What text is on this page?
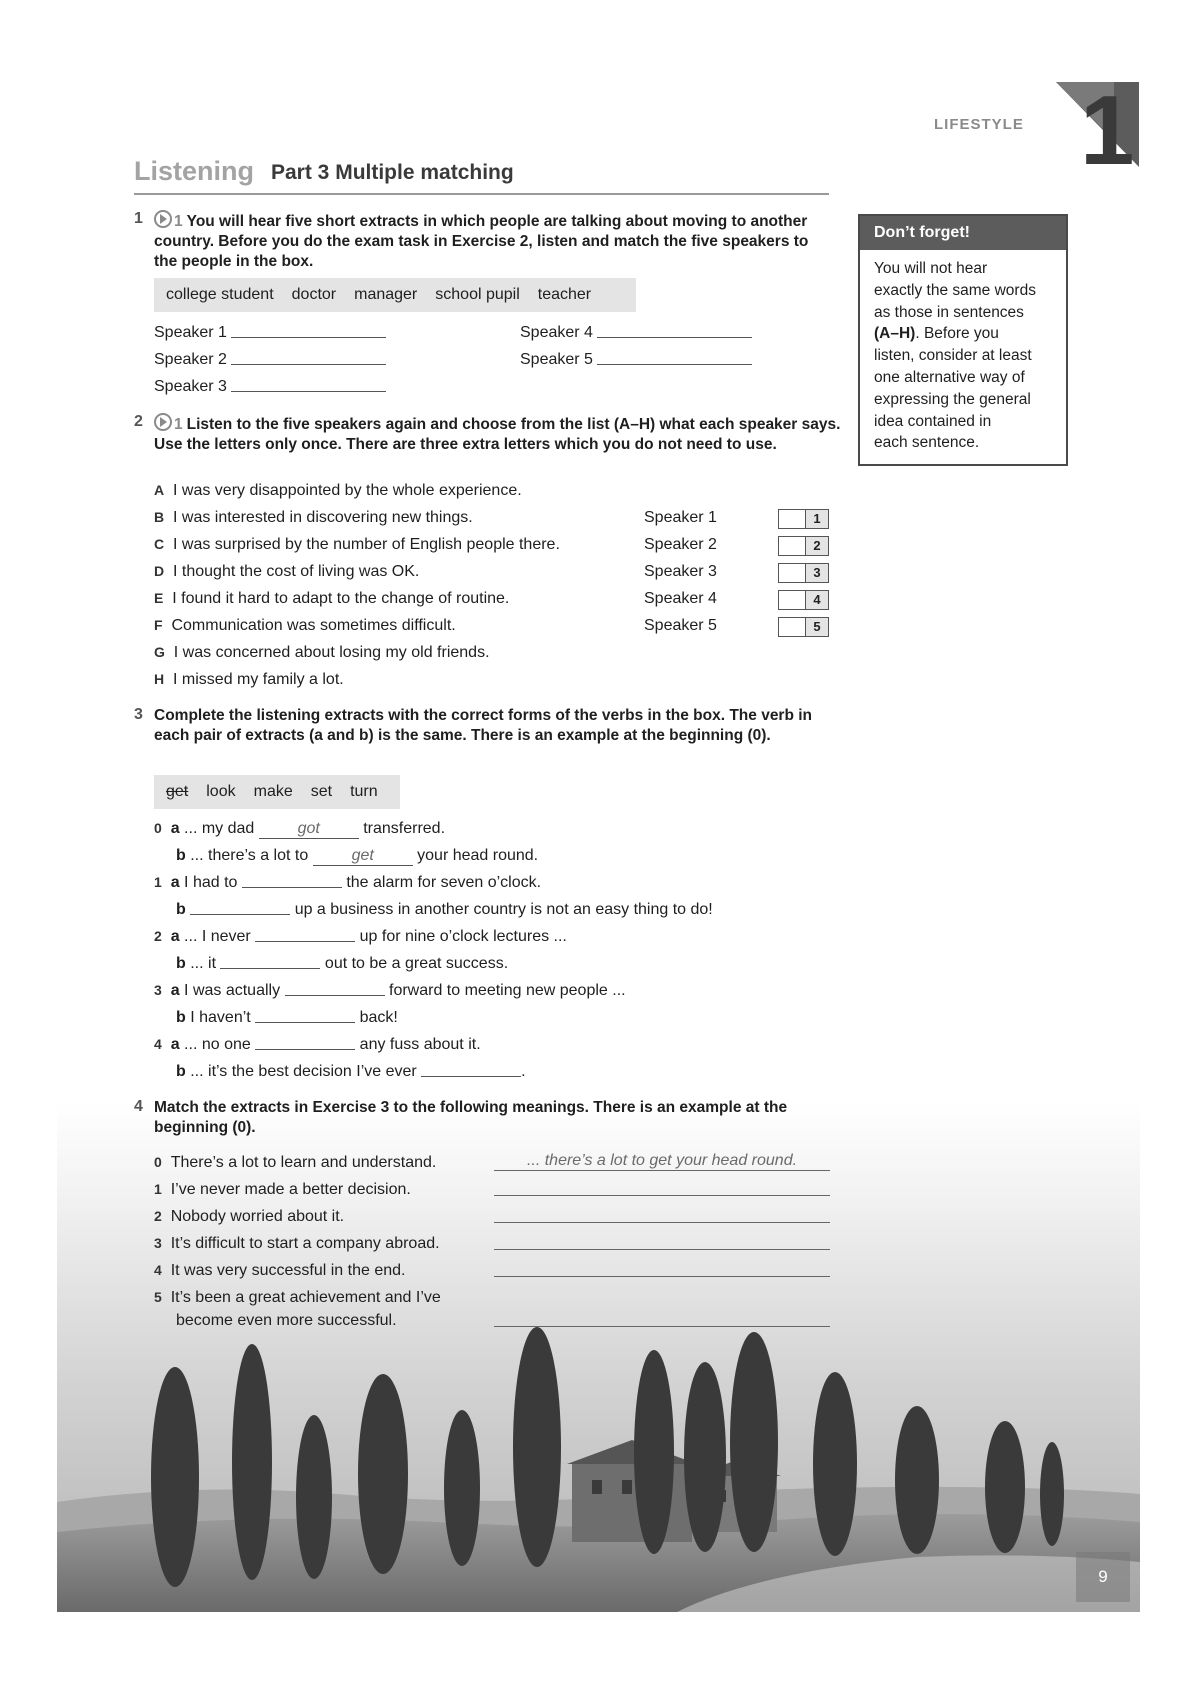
LIFESTYLE 1
Listening Part 3 Multiple matching
1	1 You will hear five short extracts in which people are talking about moving to another country. Before you do the exam task in Exercise 2, listen and match the five speakers to the people in the box.
college student doctor manager school pupil teacher
Speaker 1
Speaker 2
Speaker 3
Speaker 4
Speaker 5
2	1 Listen to the five speakers again and choose from the list (A–H) what each speaker says. Use the letters only once. There are three extra letters which you do not need to use.
A I was very disappointed by the whole experience.
B I was interested in discovering new things.
C I was surprised by the number of English people there.
D I thought the cost of living was OK.
E I found it hard to adapt to the change of routine.
F Communication was sometimes difficult.
G I was concerned about losing my old friends.
H I missed my family a lot.
Speaker 1	1
Speaker 2	2
Speaker 3	3
Speaker 4	4
Speaker 5	5
3 Complete the listening extracts with the correct forms of the verbs in the box. The verb in each pair of extracts (a and b) is the same. There is an example at the beginning (0).
get look make set turn
0 a ... my dad	got	transferred.
b ... there’s a lot to	get	your head round.
1 a I had to	the alarm for seven o’clock.
b	up a business in another country is not an easy thing to do!
2 a ... I never	up for nine o’clock lectures ...
b ... it	out to be a great success.
3 a I was actually	forward to meeting new people ...
b I haven’t	back!
4 a ... no one	any fuss about it.
b ... it’s the best decision I’ve ever	.
4 Match the extracts in Exercise 3 to the following meanings. There is an example at the beginning (0).
0 There’s a lot to learn and understand.	... there’s a lot to get your head round.
1 I’ve never made a better decision.
2 Nobody worried about it.
3 It’s difficult to start a company abroad.
4 It was very successful in the end.
5 It’s been a great achievement and I’ve
become even more successful.
Don’t forget!
You will not hear
exactly the same words
as those in sentences
(A–H). Before you
listen, consider at least
one alternative way of
expressing the general
idea contained in
each sentence.
9
